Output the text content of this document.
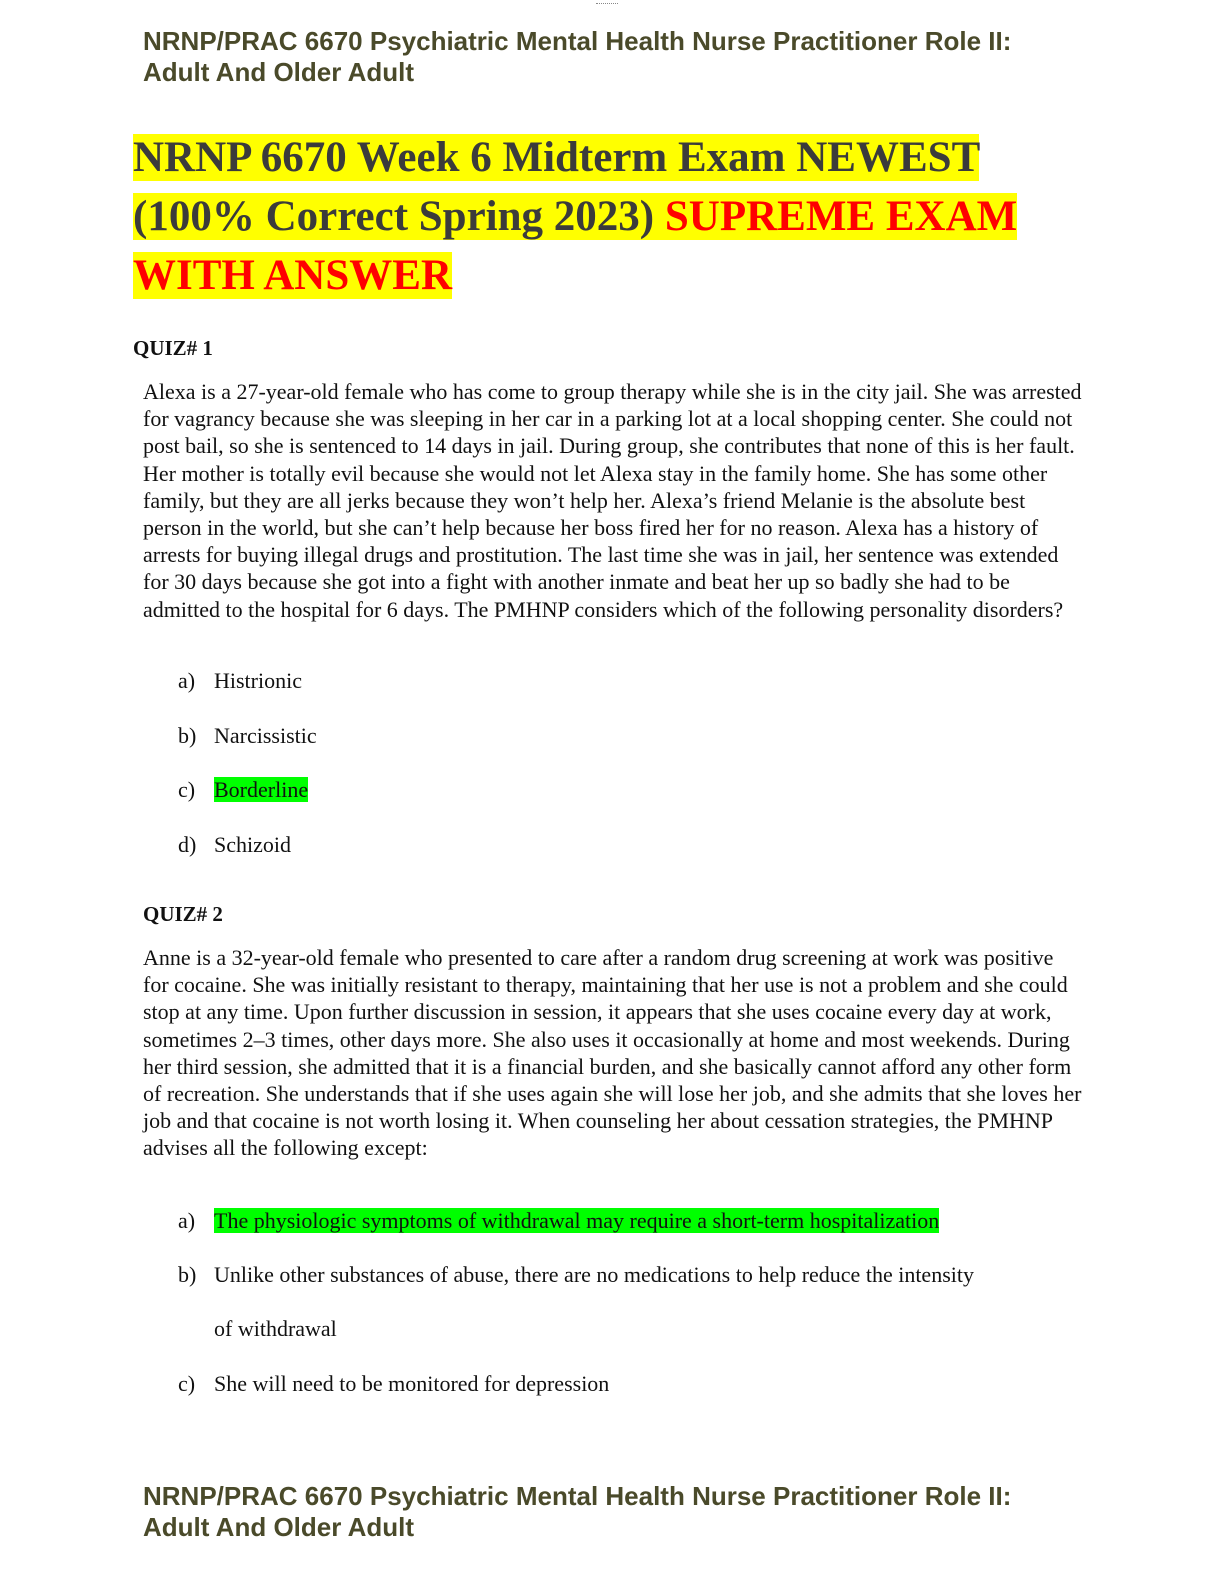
NRNP/PRAC 6670 Psychiatric Mental Health Nurse Practitioner Role II:
Adult And Older Adult
NRNP 6670 Week 6 Midterm Exam NEWEST (100% Correct Spring 2023) SUPREME EXAM WITH ANSWER
QUIZ# 1
Alexa is a 27-year-old female who has come to group therapy while she is in the city jail. She was arrested for vagrancy because she was sleeping in her car in a parking lot at a local shopping center. She could not post bail, so she is sentenced to 14 days in jail. During group, she contributes that none of this is her fault. Her mother is totally evil because she would not let Alexa stay in the family home. She has some other family, but they are all jerks because they won’t help her. Alexa’s friend Melanie is the absolute best person in the world, but she can’t help because her boss fired her for no reason. Alexa has a history of arrests for buying illegal drugs and prostitution. The last time she was in jail, her sentence was extended for 30 days because she got into a fight with another inmate and beat her up so badly she had to be admitted to the hospital for 6 days. The PMHNP considers which of the following personality disorders?
a) Histrionic
b) Narcissistic
c) Borderline
d) Schizoid
QUIZ# 2
Anne is a 32-year-old female who presented to care after a random drug screening at work was positive for cocaine. She was initially resistant to therapy, maintaining that her use is not a problem and she could stop at any time. Upon further discussion in session, it appears that she uses cocaine every day at work, sometimes 2–3 times, other days more. She also uses it occasionally at home and most weekends. During her third session, she admitted that it is a financial burden, and she basically cannot afford any other form of recreation. She understands that if she uses again she will lose her job, and she admits that she loves her job and that cocaine is not worth losing it. When counseling her about cessation strategies, the PMHNP advises all the following except:
a) The physiologic symptoms of withdrawal may require a short-term hospitalization
b) Unlike other substances of abuse, there are no medications to help reduce the intensity
of withdrawal
c) She will need to be monitored for depression
NRNP/PRAC 6670 Psychiatric Mental Health Nurse Practitioner Role II:
Adult And Older Adult
